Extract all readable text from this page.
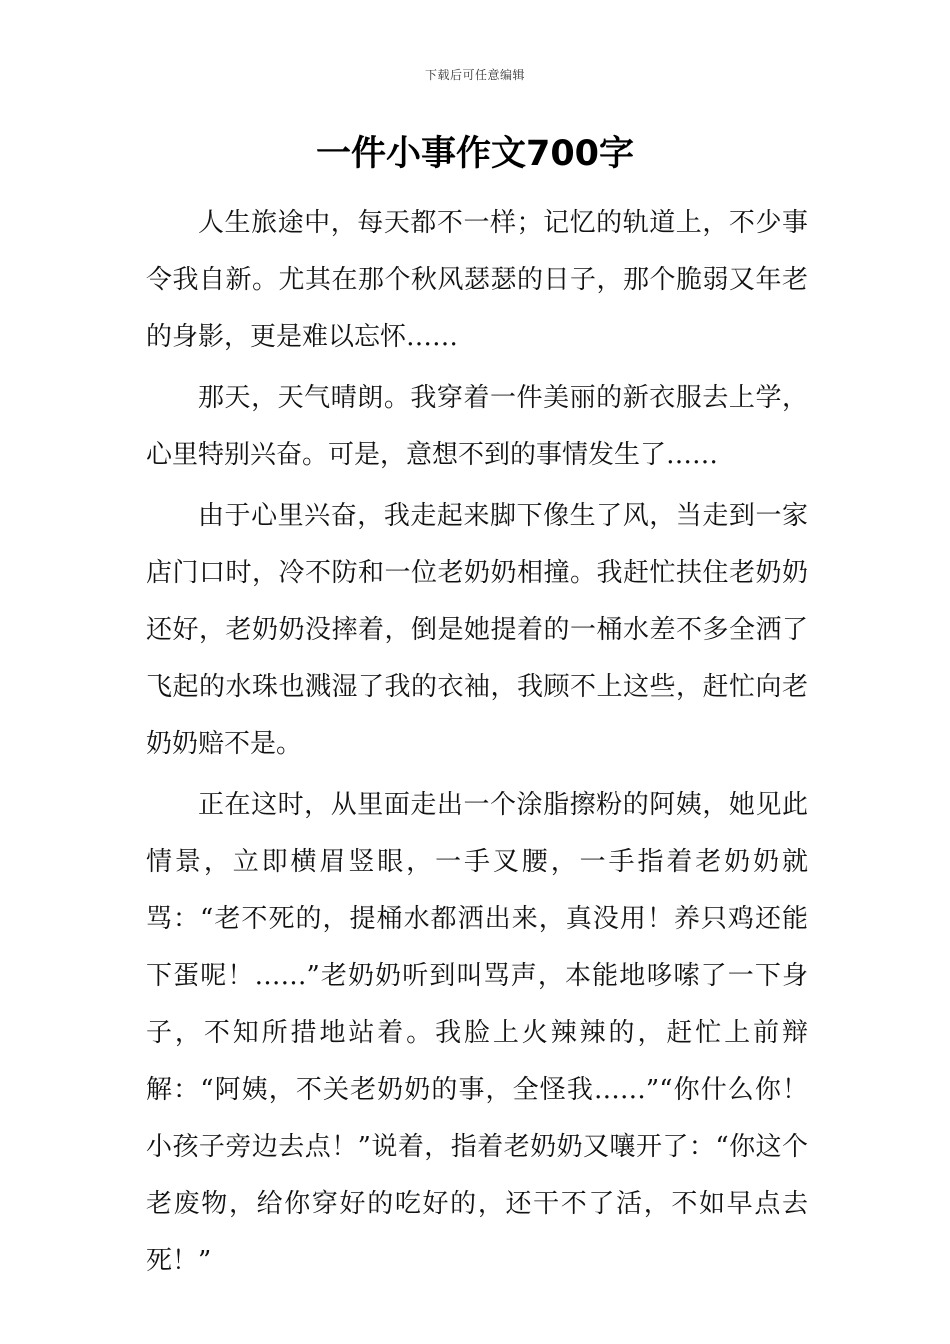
下载后可任意编辑
一件小事作文700字

人生旅途中，每天都不一样；记忆的轨道上，不少事令我自新。尤其在那个秋风瑟瑟的日子，那个脆弱又年老的身影，更是难以忘怀……

那天，天气晴朗。我穿着一件美丽的新衣服去上学，心里特别兴奋。可是，意想不到的事情发生了……

由于心里兴奋，我走起来脚下像生了风，当走到一家店门口时，冷不防和一位老奶奶相撞。我赶忙扶住老奶奶还好，老奶奶没摔着，倒是她提着的一桶水差不多全洒了飞起的水珠也溅湿了我的衣袖，我顾不上这些，赶忙向老奶奶赔不是。

正在这时，从里面走出一个涂脂擦粉的阿姨，她见此情景，立即横眉竖眼，一手叉腰，一手指着老奶奶就骂：“老不死的，提桶水都洒出来，真没用！养只鸡还能下蛋呢！……”老奶奶听到叫骂声，本能地哆嗦了一下身子，不知所措地站着。我脸上火辣辣的，赶忙上前辩解：“阿姨，不关老奶奶的事，全怪我……”“你什么你！小孩子旁边去点！”说着，指着老奶奶又嚷开了：“你这个老废物，给你穿好的吃好的，还干不了活，不如早点去死！”
